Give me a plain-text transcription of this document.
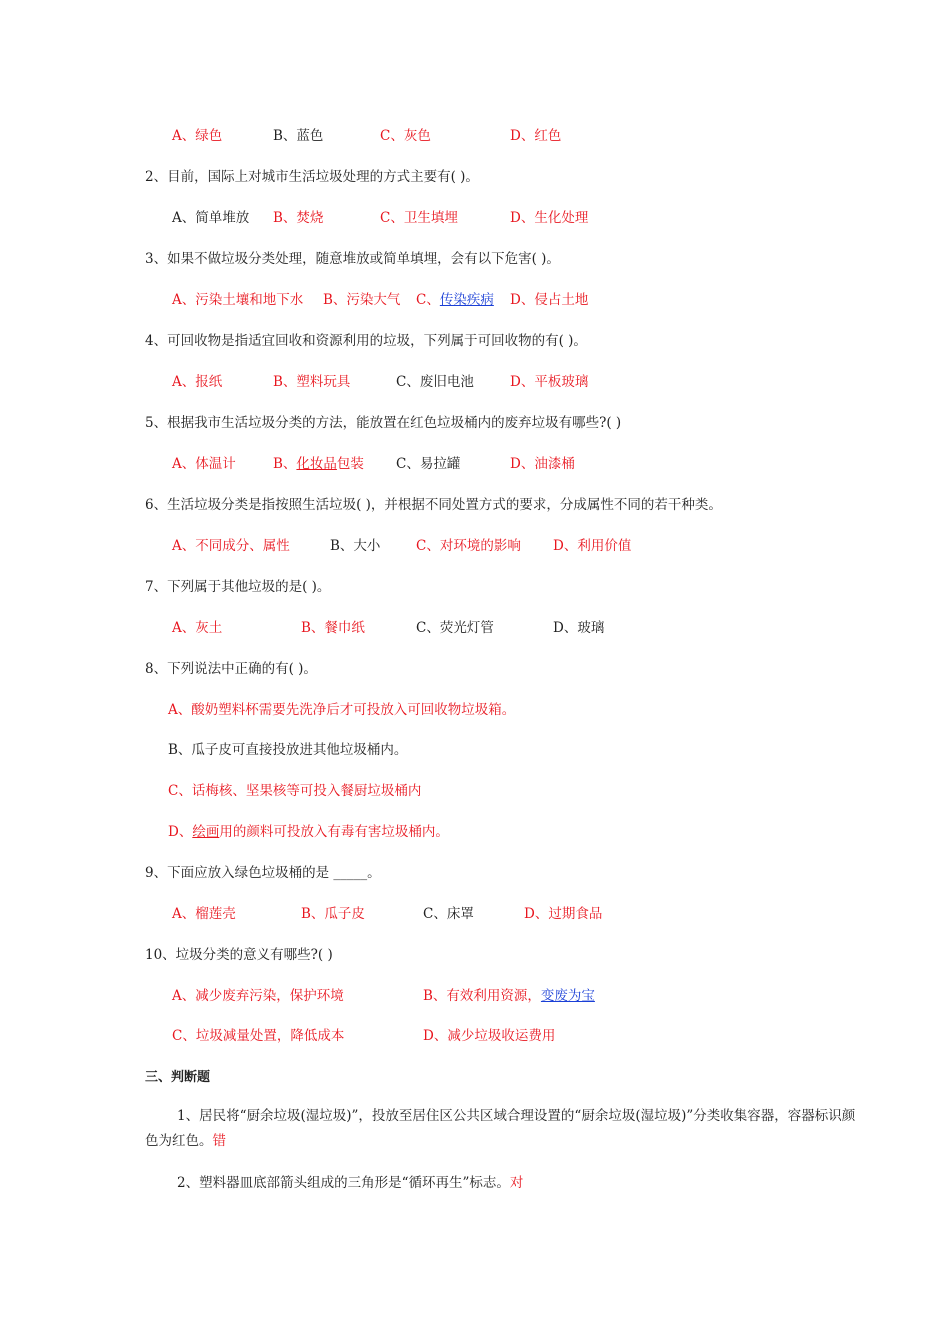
A、绿色	B、蓝色	C、灰色	D、红色
2、目前，国际上对城市生活垃圾处理的方式主要有( )。
A、简单堆放 B、焚烧	C、卫生填埋	D、生化处理
3、如果不做垃圾分类处理，随意堆放或简单填埋，会有以下危害( )。
A、污染土壤和地下水 B、污染大气 C、传染疾病 D、侵占土地
4、可回收物是指适宜回收和资源利用的垃圾，下列属于可回收物的有( )。
A、报纸	B、塑料玩具	C、废旧电池	D、平板玻璃
5、根据我市生活垃圾分类的方法，能放置在红色垃圾桶内的废弃垃圾有哪些?( )
A、体温计	B、化妆品包装 C、易拉罐	D、油漆桶
6、生活垃圾分类是指按照生活垃圾( )，并根据不同处置方式的要求，分成属性不同的若干种类。
A、不同成分、属性	B、大小	C、对环境的影响 D、利用价值
7、下列属于其他垃圾的是( )。
A、灰土	B、餐巾纸	C、荧光灯管	D、玻璃
8、下列说法中正确的有( )。
A、酸奶塑料杯需要先洗净后才可投放入可回收物垃圾箱。
B、瓜子皮可直接投放进其他垃圾桶内。
C、话梅核、坚果核等可投入餐厨垃圾桶内
D、绘画用的颜料可投放入有毒有害垃圾桶内。
9、下面应放入绿色垃圾桶的是 _____。
A、榴莲壳	B、瓜子皮	C、床罩	D、过期食品
10、垃圾分类的意义有哪些?( )
A、减少废弃污染，保护环境	B、有效利用资源，变废为宝
C、垃圾减量处置，降低成本	D、减少垃圾收运费用
三、判断题
1、居民将“厨余垃圾(湿垃圾)”，投放至居住区公共区域合理设置的“厨余垃圾(湿垃圾)”分类收集容器，容器标识颜色为红色。错
2、塑料器皿底部箭头组成的三角形是“循环再生”标志。对
